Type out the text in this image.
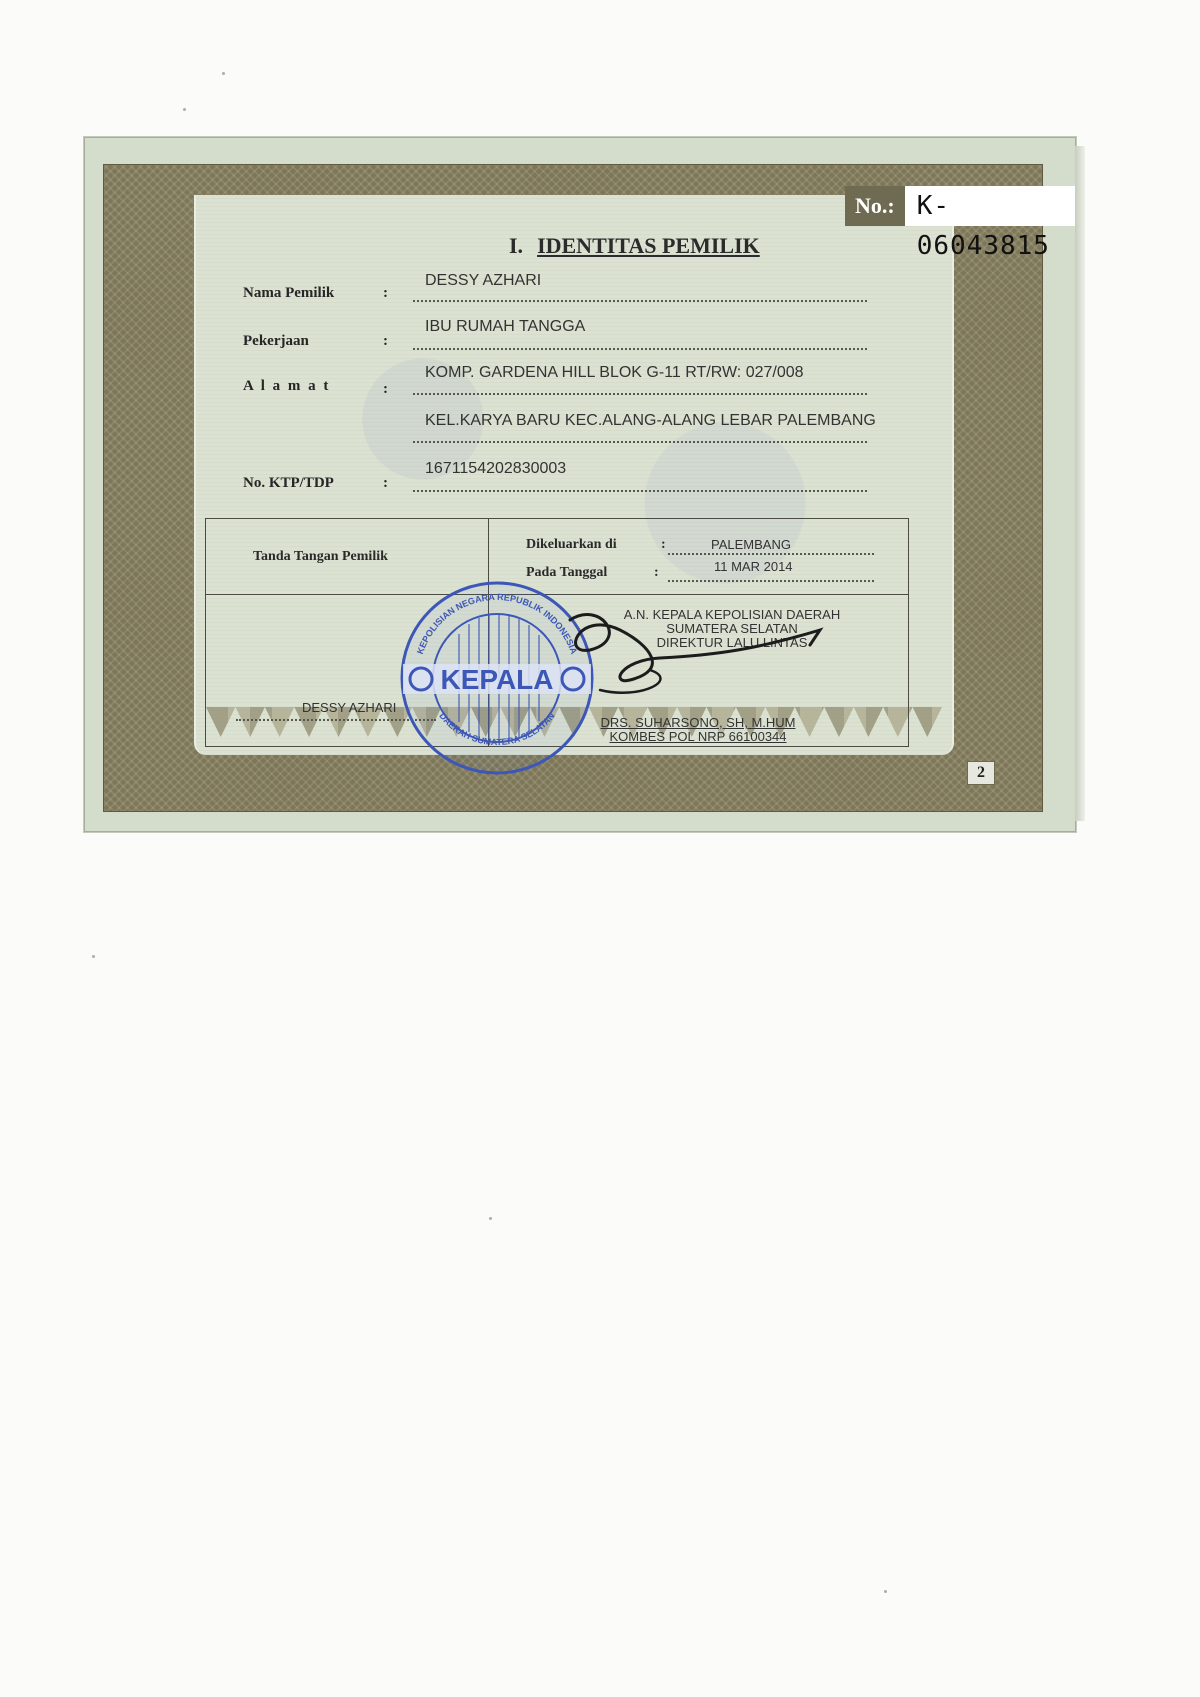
No.: K- 06043815
I. IDENTITAS PEMILIK
Nama Pemilik	:
DESSY AZHARI
Pekerjaan	:
IBU RUMAH TANGGA
A l a m a t	:
KOMP. GARDENA HILL BLOK G-11 RT/RW: 027/008
KEL.KARYA BARU KEC.ALANG-ALANG LEBAR PALEMBANG
No. KTP/TDP	:
1671154202830003
2
Tanda Tangan Pemilik
Dikeluarkan di	:	PALEMBANG
Pada Tanggal	:	11 MAR 2014
A.N. KEPALA KEPOLISIAN DAERAH
SUMATERA SELATAN
DIREKTUR LALU LINTAS
DESSY AZHARI
DRS. SUHARSONO, SH, M.HUM
KOMBES POL NRP 66100344
KEPOLISIAN NEGARA REPUBLIK INDONESIA
DAERAH SUMATERA SELATAN
KEPALA
